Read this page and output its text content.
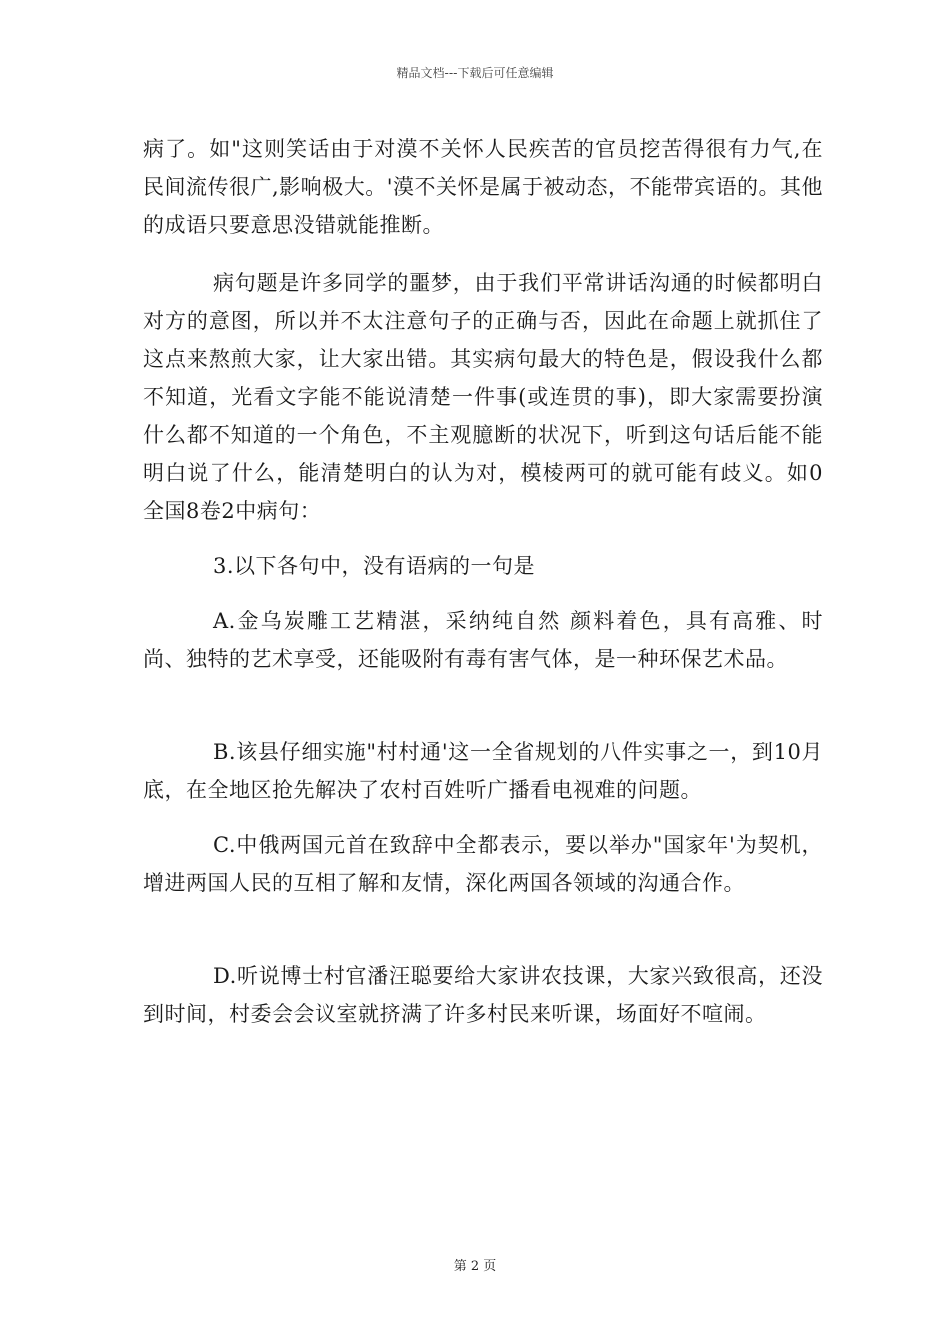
精品文档---下载后可任意编辑

病了。如"这则笑话由于对漠不关怀人民疾苦的官员挖苦得很有力气,在民间流传很广,影响极大。'漠不关怀是属于被动态，不能带宾语的。其他的成语只要意思没错就能推断。

病句题是许多同学的噩梦，由于我们平常讲话沟通的时候都明白对方的意图，所以并不太注意句子的正确与否，因此在命题上就抓住了这点来熬煎大家，让大家出错。其实病句最大的特色是，假设我什么都不知道，光看文字能不能说清楚一件事(或连贯的事)，即大家需要扮演什么都不知道的一个角色，不主观臆断的状况下，听到这句话后能不能明白说了什么，能清楚明白的认为对，模棱两可的就可能有歧义。如0全国8卷2中病句：

3.以下各句中，没有语病的一句是

A.金乌炭雕工艺精湛，采纳纯自然 颜料着色，具有高雅、时尚、独特的艺术享受，还能吸附有毒有害气体，是一种环保艺术品。

B.该县仔细实施"村村通'这一全省规划的八件实事之一，到10月底，在全地区抢先解决了农村百姓听广播看电视难的问题。

C.中俄两国元首在致辞中全都表示，要以举办"国家年'为契机，增进两国人民的互相了解和友情，深化两国各领域的沟通合作。

D.听说博士村官潘汪聪要给大家讲农技课，大家兴致很高，还没到时间，村委会会议室就挤满了许多村民来听课，场面好不喧闹。

第 2 页
